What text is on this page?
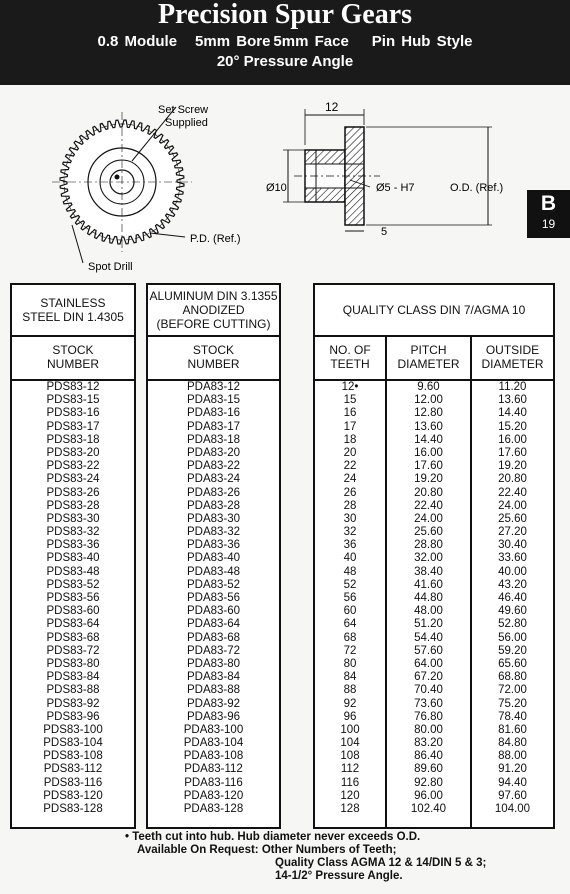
Precision Spur Gears
0.8 Module 5mm Bore 5mm Face Pin Hub Style
20° Pressure Angle
Set Screw
Supplied
P.D. (Ref.)
Spot Drill
12
Ø10	Ø5 - H7	O.D. (Ref.)
5
B
19
STAINLESS
STEEL DIN 1.4305
STOCK
NUMBER
PDS83-12
PDS83-15
PDS83-16
PDS83-17
PDS83-18
PDS83-20
PDS83-22
PDS83-24
PDS83-26
PDS83-28
PDS83-30
PDS83-32
PDS83-36
PDS83-40
PDS83-48
PDS83-52
PDS83-56
PDS83-60
PDS83-64
PDS83-68
PDS83-72
PDS83-80
PDS83-84
PDS83-88
PDS83-92
PDS83-96
PDS83-100
PDS83-104
PDS83-108
PDS83-112
PDS83-116
PDS83-120
PDS83-128
ALUMINUM DIN 3.1355
ANODIZED
(BEFORE CUTTING)
STOCK
NUMBER
PDA83-12
PDA83-15
PDA83-16
PDA83-17
PDA83-18
PDA83-20
PDA83-22
PDA83-24
PDA83-26
PDA83-28
PDA83-30
PDA83-32
PDA83-36
PDA83-40
PDA83-48
PDA83-52
PDA83-56
PDA83-60
PDA83-64
PDA83-68
PDA83-72
PDA83-80
PDA83-84
PDA83-88
PDA83-92
PDA83-96
PDA83-100
PDA83-104
PDA83-108
PDA83-112
PDA83-116
PDA83-120
PDA83-128
QUALITY CLASS DIN 7/AGMA 10
NO. OF
TEETH
PITCH
DIAMETER
OUTSIDE
DIAMETER
12•
15
16
17
18
20
22
24
26
28
30
32
36
40
48
52
56
60
64
68
72
80
84
88
92
96
100
104
108
112
116
120
128
9.60
12.00
12.80
13.60
14.40
16.00
17.60
19.20
20.80
22.40
24.00
25.60
28.80
32.00
38.40
41.60
44.80
48.00
51.20
54.40
57.60
64.00
67.20
70.40
73.60
76.80
80.00
83.20
86.40
89.60
92.80
96.00
102.40
11.20
13.60
14.40
15.20
16.00
17.60
19.20
20.80
22.40
24.00
25.60
27.20
30.40
33.60
40.00
43.20
46.40
49.60
52.80
56.00
59.20
65.60
68.80
72.00
75.20
78.40
81.60
84.80
88.00
91.20
94.40
97.60
104.00
• Teeth cut into hub. Hub diameter never exceeds O.D.
Available On Request: Other Numbers of Teeth;
Quality Class AGMA 12 & 14/DIN 5 & 3;
14-1/2° Pressure Angle.
